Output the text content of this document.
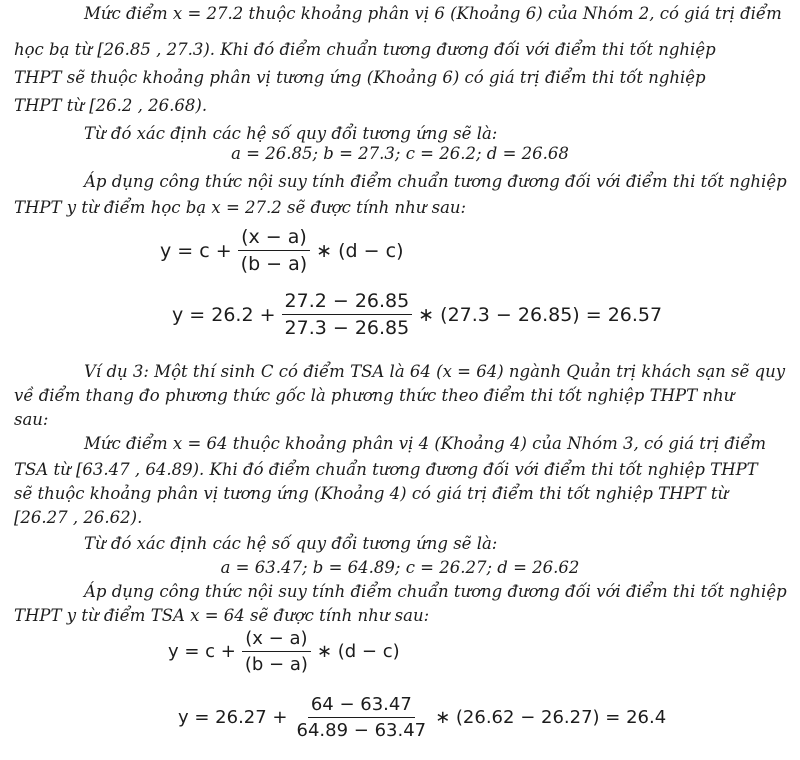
Mức điểm x = 27.2 thuộc khoảng phân vị 6 (Khoảng 6) của Nhóm 2, có giá trị điểm
học bạ từ [26.85 , 27.3). Khi đó điểm chuẩn tương đương đối với điểm thi tốt nghiệp
THPT sẽ thuộc khoảng phân vị tương ứng (Khoảng 6) có giá trị điểm thi tốt nghiệp
THPT từ [26.2 , 26.68).
Từ đó xác định các hệ số quy đổi tương ứng sẽ là:
a = 26.85; b = 27.3; c = 26.2; d = 26.68
Áp dụng công thức nội suy tính điểm chuẩn tương đương đối với điểm thi tốt nghiệp
THPT y từ điểm học bạ x = 27.2 sẽ được tính như sau:
$y = c + \frac{(x - a)}{(b - a)}$ ∗ (d − c)
$y = 26.2 + \frac{27.2 - 26.85}{27.3 - 26.85}$ ∗ (27.3 − 26.85) = 26.57
Ví dụ 3: Một thí sinh C có điểm TSA là 64 (x = 64) ngành Quản trị khách sạn sẽ quy
về điểm thang đo phương thức gốc là phương thức theo điểm thi tốt nghiệp THPT như
sau:
Mức điểm x = 64 thuộc khoảng phân vị 4 (Khoảng 4) của Nhóm 3, có giá trị điểm
TSA từ [63.47 , 64.89). Khi đó điểm chuẩn tương đương đối với điểm thi tốt nghiệp THPT
sẽ thuộc khoảng phân vị tương ứng (Khoảng 4) có giá trị điểm thi tốt nghiệp THPT từ
[26.27 , 26.62).
Từ đó xác định các hệ số quy đổi tương ứng sẽ là:
a = 63.47; b = 64.89; c = 26.27; d = 26.62
Áp dụng công thức nội suy tính điểm chuẩn tương đương đối với điểm thi tốt nghiệp
THPT y từ điểm TSA x = 64 sẽ được tính như sau:
$y = c + \frac{(x - a)}{(b - a)}$ ∗ (d − c)
$y = 26.27 + \frac{64 - 63.47}{64.89 - 63.47}$ ∗ (26.62 − 26.27) = 26.4
